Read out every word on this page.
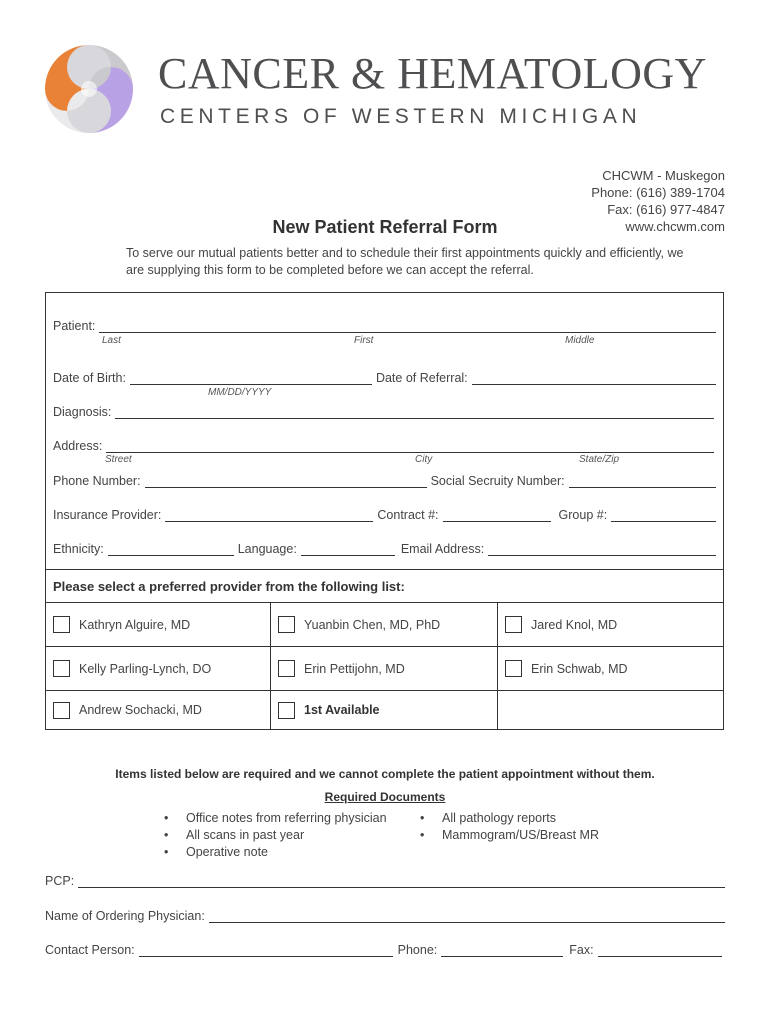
CANCER & HEMATOLOGY
CENTERS OF WESTERN MICHIGAN
CHCWM - Muskegon
Phone: (616) 389-1704
Fax: (616) 977-4847
www.chcwm.com
New Patient Referral Form
To serve our mutual patients better and to schedule their first appointments quickly and efficiently, we are supplying this form to be completed before we can accept the referral.
Patient:
Last	First	Middle
Date of Birth:	Date of Referral:
MM/DD/YYYY
Diagnosis:
Address:
Street	City	State/Zip
Phone Number:	Social Secruity Number:
Insurance Provider:	Contract #:	Group #:
Ethnicity:	Language:	Email Address:
Please select a preferred provider from the following list:
Kathryn Alguire, MD	Yuanbin Chen, MD, PhD	Jared Knol, MD
Kelly Parling-Lynch, DO	Erin Pettijohn, MD	Erin Schwab, MD
Andrew Sochacki, MD	1st Available
Items listed below are required and we cannot complete the patient appointment without them.
Required Documents
• Office notes from referring physician
• All scans in past year
• Operative note
• All pathology reports
• Mammogram/US/Breast MR
PCP:
Name of Ordering Physician:
Contact Person:	Phone:	Fax:
